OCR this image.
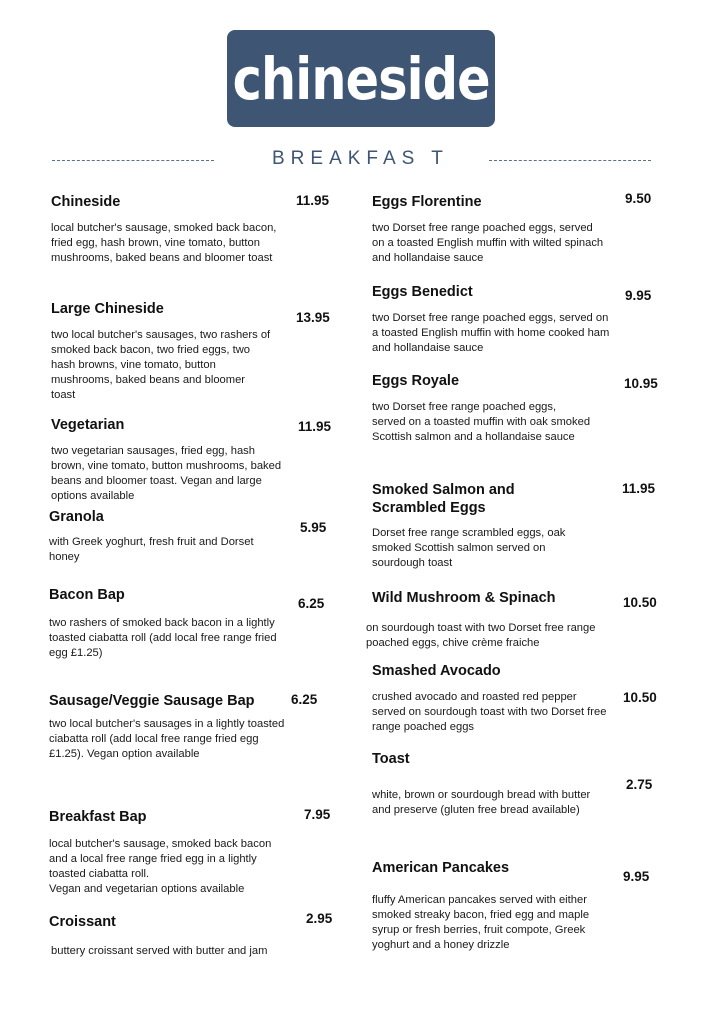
chineside
BREAKFAS T
Chineside	11.95
local butcher's sausage, smoked back bacon, fried egg, hash brown, vine tomato, button mushrooms, baked beans and bloomer toast
Large Chineside
13.95
two local butcher's sausages, two rashers of smoked back bacon, two fried eggs, two hash browns, vine tomato, button mushrooms, baked beans and bloomer toast
Vegetarian	11.95
two vegetarian sausages, fried egg, hash brown, vine tomato, button mushrooms, baked beans and bloomer toast. Vegan and large options available
Granola
5.95
with Greek yoghurt, fresh fruit and Dorset honey
Bacon Bap
6.25
two rashers of smoked back bacon in a lightly toasted ciabatta roll (add local free range fried egg £1.25)
Sausage/Veggie Sausage Bap	6.25
two local butcher's sausages in a lightly toasted ciabatta roll (add local free range fried egg £1.25). Vegan option available
Breakfast Bap	7.95
local butcher's sausage, smoked back bacon and a local free range fried egg in a lightly toasted ciabatta roll.
Vegan and vegetarian options available
Croissant	2.95
buttery croissant served with butter and jam
Eggs Florentine	9.50
two Dorset free range poached eggs, served on a toasted English muffin with wilted spinach and hollandaise sauce
Eggs Benedict	9.95
two Dorset free range poached eggs, served on a toasted English muffin with home cooked ham and hollandaise sauce
Eggs Royale	10.95
two Dorset free range poached eggs, served on a toasted muffin with oak smoked Scottish salmon and a hollandaise sauce
Smoked Salmon and Scrambled Eggs
11.95
Dorset free range scrambled eggs, oak smoked Scottish salmon served on sourdough toast
Wild Mushroom & Spinach	10.50
on sourdough toast with two Dorset free range poached eggs, chive crème fraiche
Smashed Avocado
10.50
crushed avocado and roasted red pepper served on sourdough toast with two Dorset free range poached eggs
Toast
2.75
white, brown or sourdough bread with butter and preserve (gluten free bread available)
American Pancakes
9.95
fluffy American pancakes served with either smoked streaky bacon, fried egg and maple syrup or fresh berries, fruit compote, Greek yoghurt and a honey drizzle
